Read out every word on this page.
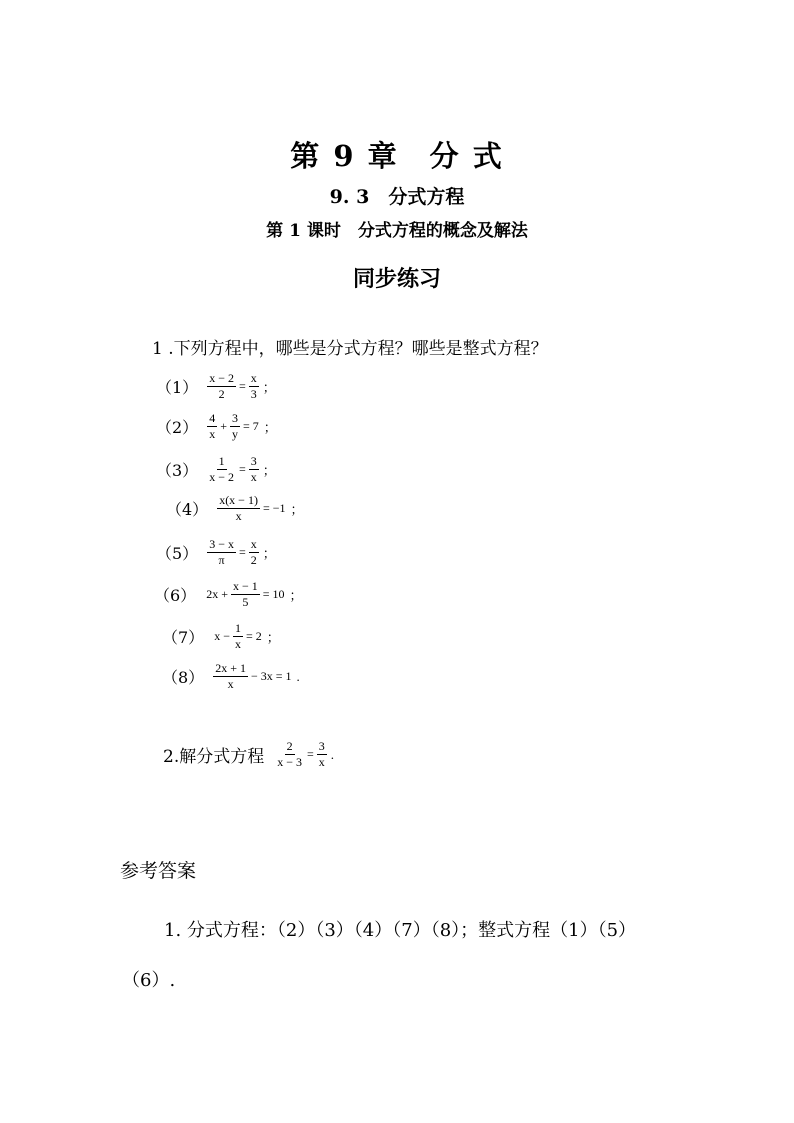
第 9 章　分 式
9. 3　分式方程
第 1 课时　分式方程的概念及解法
同步练习
1 .下列方程中，哪些是分式方程？哪些是整式方程？
$(1) \frac{x - 2}{2} = \frac{x}{3}$ ；
$(2) \frac{4}{x} + \frac{3}{y} = 7$ ；
$(3) \frac{1}{x - 2} = \frac{3}{x}$ ；
$(4) \frac{x(x - 1)}{x} = -1$ ；
$(5) \frac{3 - x}{\pi} = \frac{x}{2}$ ；
（6） $2x + \frac{x - 1}{5} = 10$ ；
（7） $x - \frac{1}{x} = 2$ ；
$(8) \frac{2x + 1}{x} - 3x = 1$ .
2.解分式方程 $\frac{2}{x - 3} = \frac{3}{x}$ .
参考答案
1. 分式方程：（2）（3）（4）（7）（8）；整式方程（1）（5）
（6）.
